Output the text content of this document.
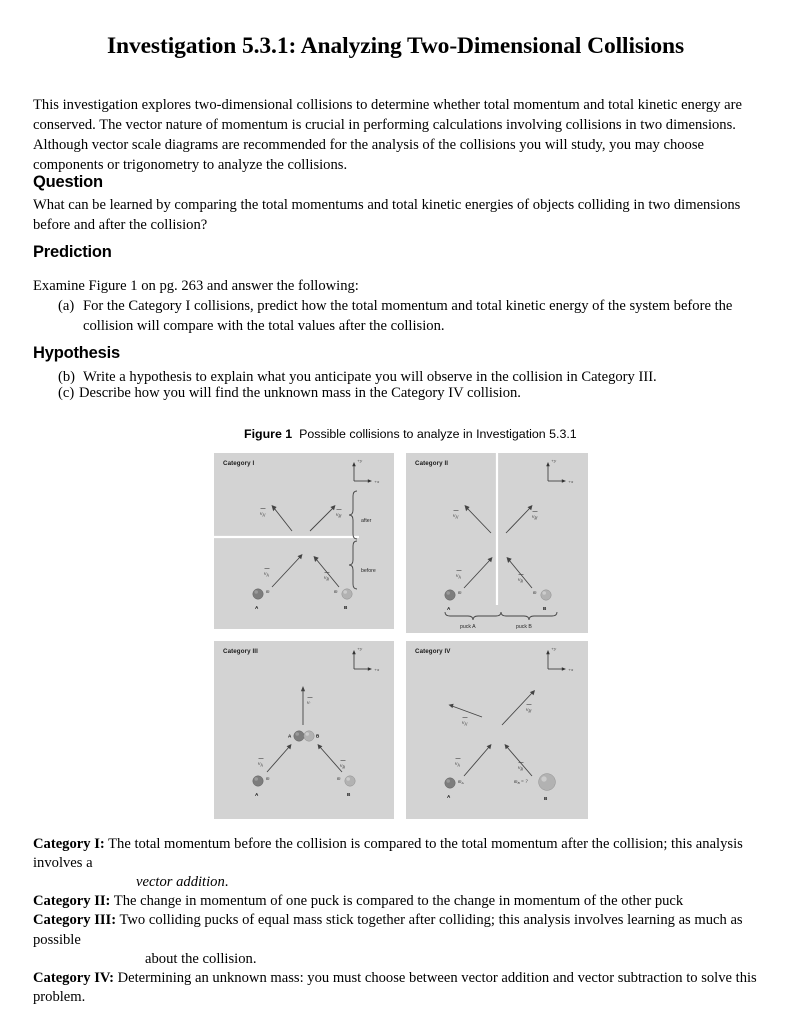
Investigation 5.3.1: Analyzing Two-Dimensional Collisions
This investigation explores two-dimensional collisions to determine whether total momentum and total kinetic energy are conserved. The vector nature of momentum is crucial in performing calculations involving collisions in two dimensions. Although vector scale diagrams are recommended for the analysis of the collisions you will study, you may choose components or trigonometry to analyze the collisions.
Question
What can be learned by comparing the total momentums and total kinetic energies of objects colliding in two dimensions before and after the collision?
Prediction
Examine Figure 1 on pg. 263 and answer the following:
(a) For the Category I collisions, predict how the total momentum and total kinetic energy of the system before the collision will compare with the total values after the collision.
Hypothesis
(b) Write a hypothesis to explain what you anticipate you will observe in the collision in Category III.
(c) Describe how you will find the unknown mass in the Category IV collision.
Figure 1 Possible collisions to analyze in Investigation 5.3.1
Category I	+y
+x
after
before
$v_{A'}$	$v_{B'}$
$v_A$	$v_B$
m
A
m
B
Category II	+y
+x
$v_{A'}$	$v_{B'}$
$v_A$	$v_B$
m
A
m
B
puck A	puck B
Category III	+y
+x
$v'$
A	B
$v_A$	$v_B$
m
A
m
B
Category IV	+y
+x
$v_{A'}$
$v_{B'}$
$v_A$	$v_B$
$m_A$
A
$m_B$ = ?
B
Category I: The total momentum before the collision is compared to the total momentum after the collision; this analysis involves a
vector addition.
Category II: The change in momentum of one puck is compared to the change in momentum of the other puck
Category III: Two colliding pucks of equal mass stick together after colliding; this analysis involves learning as much as possible
about the collision.
Category IV: Determining an unknown mass: you must choose between vector addition and vector subtraction to solve this problem.
